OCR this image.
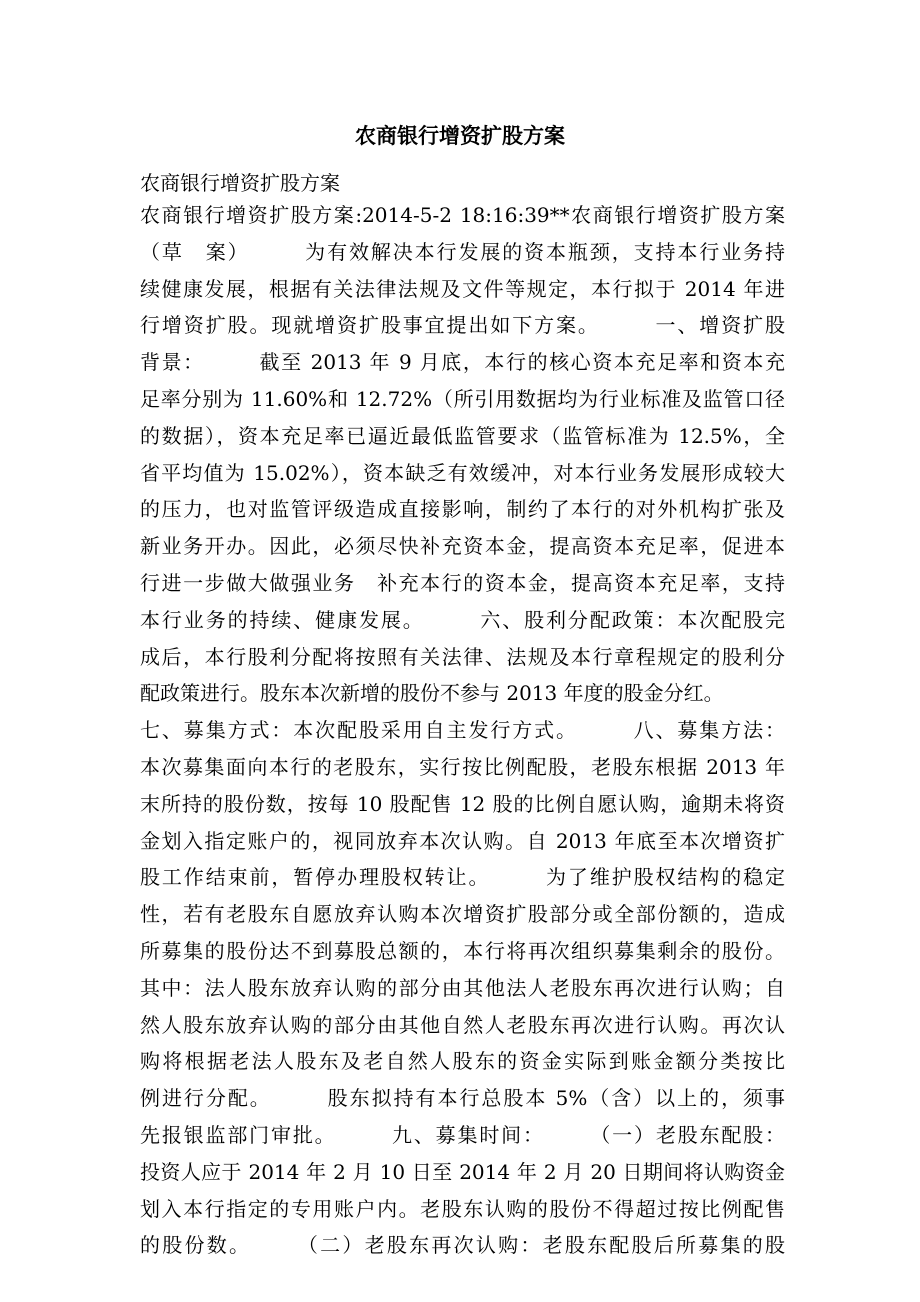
农商银行增资扩股方案

农商银行增资扩股方案

农商银行增资扩股方案:2014-5-2 18:16:39**农商银行增资扩股方案
（草　案）　　　为有效解决本行发展的资本瓶颈，支持本行业务持
续健康发展，根据有关法律法规及文件等规定，本行拟于 2014 年进
行增资扩股。现就增资扩股事宜提出如下方案。　　　一、增资扩股
背景：　　　截至 2013 年 9 月底，本行的核心资本充足率和资本充
足率分别为 11.60%和 12.72%（所引用数据均为行业标准及监管口径
的数据），资本充足率已逼近最低监管要求（监管标准为 12.5%，全
省平均值为 15.02%），资本缺乏有效缓冲，对本行业务发展形成较大
的压力，也对监管评级造成直接影响，制约了本行的对外机构扩张及
新业务开办。因此，必须尽快补充资本金，提高资本充足率，促进本
行进一步做大做强业务　补充本行的资本金，提高资本充足率，支持
本行业务的持续、健康发展。　　　六、股利分配政策：本次配股完
成后，本行股利分配将按照有关法律、法规及本行章程规定的股利分
配政策进行。股东本次新增的股份不参与 2013 年度的股金分红。
七、募集方式：本次配股采用自主发行方式。　　　八、募集方法：
本次募集面向本行的老股东，实行按比例配股，老股东根据 2013 年
末所持的股份数，按每 10 股配售 12 股的比例自愿认购，逾期未将资
金划入指定账户的，视同放弃本次认购。自 2013 年底至本次增资扩
股工作结束前，暂停办理股权转让。　　　为了维护股权结构的稳定
性，若有老股东自愿放弃认购本次增资扩股部分或全部份额的，造成
所募集的股份达不到募股总额的，本行将再次组织募集剩余的股份。
其中：法人股东放弃认购的部分由其他法人老股东再次进行认购；自
然人股东放弃认购的部分由其他自然人老股东再次进行认购。再次认
购将根据老法人股东及老自然人股东的资金实际到账金额分类按比
例进行分配。　　　股东拟持有本行总股本 5%（含）以上的，须事
先报银监部门审批。　　　九、募集时间：　　　（一）老股东配股：
投资人应于 2014 年 2 月 10 日至 2014 年 2 月 20 日期间将认购资金
划入本行指定的专用账户内。老股东认购的股份不得超过按比例配售
的股份数。　　　（二）老股东再次认购：老股东配股后所募集的股
